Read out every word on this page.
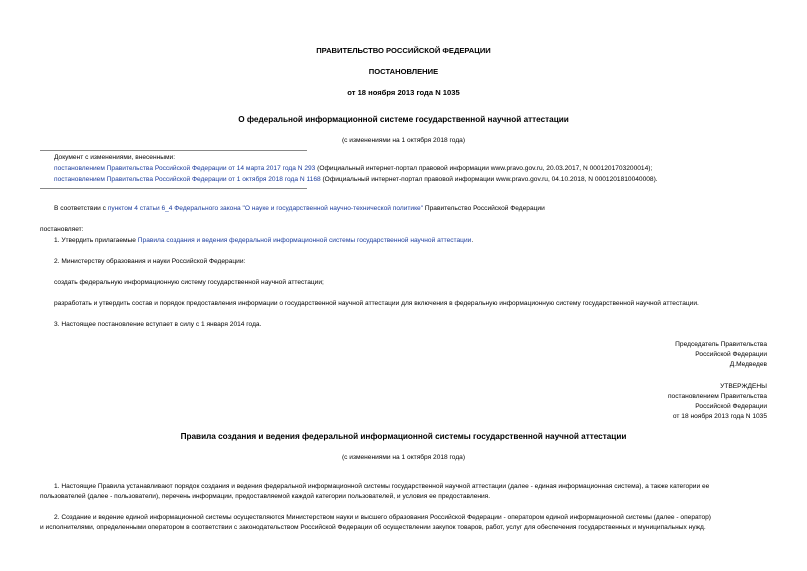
ПРАВИТЕЛЬСТВО РОССИЙСКОЙ ФЕДЕРАЦИИ
ПОСТАНОВЛЕНИЕ
от 18 ноября 2013 года N 1035
О федеральной информационной системе государственной научной аттестации
(с изменениями на 1 октября 2018 года)
Документ с изменениями, внесенными:
постановлением Правительства Российской Федерации от 14 марта 2017 года N 293 (Официальный интернет-портал правовой информации www.pravo.gov.ru, 20.03.2017, N 0001201703200014);
постановлением Правительства Российской Федерации от 1 октября 2018 года N 1168 (Официальный интернет-портал правовой информации www.pravo.gov.ru, 04.10.2018, N 0001201810040008).
В соответствии с пунктом 4 статьи 6_4 Федерального закона "О науке и государственной научно-технической политике" Правительство Российской Федерации
постановляет:
1. Утвердить прилагаемые Правила создания и ведения федеральной информационной системы государственной научной аттестации.
2. Министерству образования и науки Российской Федерации:
создать федеральную информационную систему государственной научной аттестации;
разработать и утвердить состав и порядок предоставления информации о государственной научной аттестации для включения в федеральную информационную систему государственной научной аттестации.
3. Настоящее постановление вступает в силу с 1 января 2014 года.
Председатель Правительства
Российской Федерации
Д.Медведев
УТВЕРЖДЕНЫ
постановлением Правительства
Российской Федерации
от 18 ноября 2013 года N 1035
Правила создания и ведения федеральной информационной системы государственной научной аттестации
(с изменениями на 1 октября 2018 года)
1. Настоящие Правила устанавливают порядок создания и ведения федеральной информационной системы государственной научной аттестации (далее - единая информационная система), а также категории ее
пользователей (далее - пользователи), перечень информации, предоставляемой каждой категории пользователей, и условия ее предоставления.
2. Создание и ведение единой информационной системы осуществляются Министерством науки и высшего образования Российской Федерации - оператором единой информационной системы (далее - оператор)
и исполнителями, определенными оператором в соответствии с законодательством Российской Федерации об осуществлении закупок товаров, работ, услуг для обеспечения государственных и муниципальных нужд.
